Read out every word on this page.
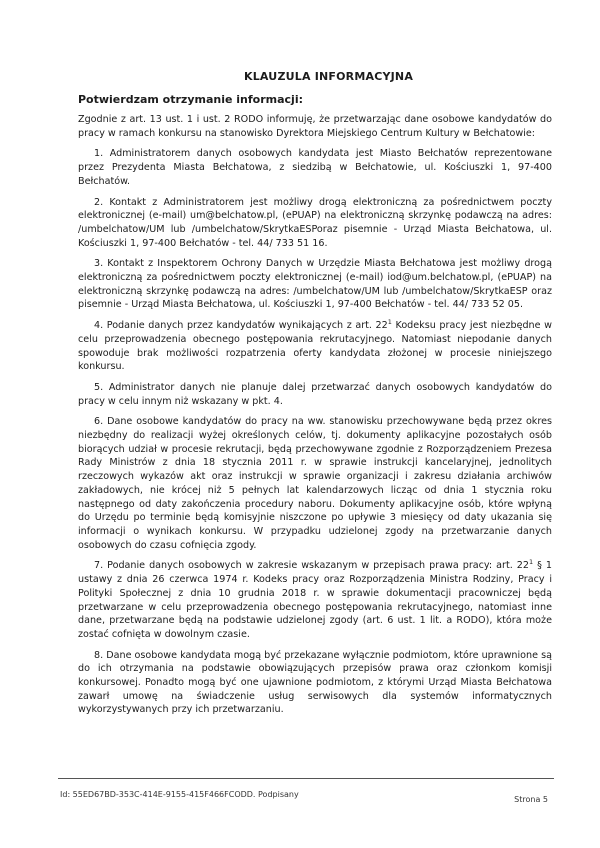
KLAUZULA INFORMACYJNA
Potwierdzam otrzymanie informacji:

Zgodnie z art. 13 ust. 1 i ust. 2 RODO informuję, że przetwarzając dane osobowe kandydatów do pracy w ramach konkursu na stanowisko Dyrektora Miejskiego Centrum Kultury w Bełchatowie:

1. Administratorem danych osobowych kandydata jest Miasto Bełchatów reprezentowane przez Prezydenta Miasta Bełchatowa, z siedzibą w Bełchatowie, ul. Kościuszki 1, 97-400 Bełchatów.

2. Kontakt z Administratorem jest możliwy drogą elektroniczną za pośrednictwem poczty elektronicznej (e-mail) um@belchatow.pl, (ePUAP) na elektroniczną skrzynkę podawczą na adres: /umbelchatow/UM lub /umbelchatow/SkrytkaESPoraz pisemnie - Urząd Miasta Bełchatowa, ul. Kościuszki 1, 97-400 Bełchatów - tel. 44/ 733 51 16.

3. Kontakt z Inspektorem Ochrony Danych w Urzędzie Miasta Bełchatowa jest możliwy drogą elektroniczną za pośrednictwem poczty elektronicznej (e-mail) iod@um.belchatow.pl, (ePUAP) na elektroniczną skrzynkę podawczą na adres: /umbelchatow/UM lub /umbelchatow/SkrytkaESP oraz pisemnie - Urząd Miasta Bełchatowa, ul. Kościuszki 1, 97-400 Bełchatów - tel. 44/ 733 52 05.

4. Podanie danych przez kandydatów wynikających z art. $22^1$ Kodeksu pracy jest niezbędne w celu przeprowadzenia obecnego postępowania rekrutacyjnego. Natomiast niepodanie danych spowoduje brak możliwości rozpatrzenia oferty kandydata złożonej w procesie niniejszego konkursu.

5. Administrator danych nie planuje dalej przetwarzać danych osobowych kandydatów do pracy w celu innym niż wskazany w pkt. 4.

6. Dane osobowe kandydatów do pracy na ww. stanowisku przechowywane będą przez okres niezbędny do realizacji wyżej określonych celów, tj. dokumenty aplikacyjne pozostałych osób biorących udział w procesie rekrutacji, będą przechowywane zgodnie z Rozporządzeniem Prezesa Rady Ministrów z dnia 18 stycznia 2011 r. w sprawie instrukcji kancelaryjnej, jednolitych rzeczowych wykazów akt oraz instrukcji w sprawie organizacji i zakresu działania archiwów zakładowych, nie krócej niż 5 pełnych lat kalendarzowych licząc od dnia 1 stycznia roku następnego od daty zakończenia procedury naboru. Dokumenty aplikacyjne osób, które wpłyną do Urzędu po terminie będą komisyjnie niszczone po upływie 3 miesięcy od daty ukazania się informacji o wynikach konkursu. W przypadku udzielonej zgody na przetwarzanie danych osobowych do czasu cofnięcia zgody.

7. Podanie danych osobowych w zakresie wskazanym w przepisach prawa pracy: art. $22^1$ § 1 ustawy z dnia 26 czerwca 1974 r. Kodeks pracy oraz Rozporządzenia Ministra Rodziny, Pracy i Polityki Społecznej z dnia 10 grudnia 2018 r. w sprawie dokumentacji pracowniczej będą przetwarzane w celu przeprowadzenia obecnego postępowania rekrutacyjnego, natomiast inne dane, przetwarzane będą na podstawie udzielonej zgody (art. 6 ust. 1 lit. a RODO), która może zostać cofnięta w dowolnym czasie.

8. Dane osobowe kandydata mogą być przekazane wyłącznie podmiotom, które uprawnione są do ich otrzymania na podstawie obowiązujących przepisów prawa oraz członkom komisji konkursowej. Ponadto mogą być one ujawnione podmiotom, z którymi Urząd Miasta Bełchatowa zawarł umowę na świadczenie usług serwisowych dla systemów informatycznych wykorzystywanych przy ich przetwarzaniu.

Id: 55ED67BD-353C-414E-9155-415F466FCODD. Podpisany
Strona 5
